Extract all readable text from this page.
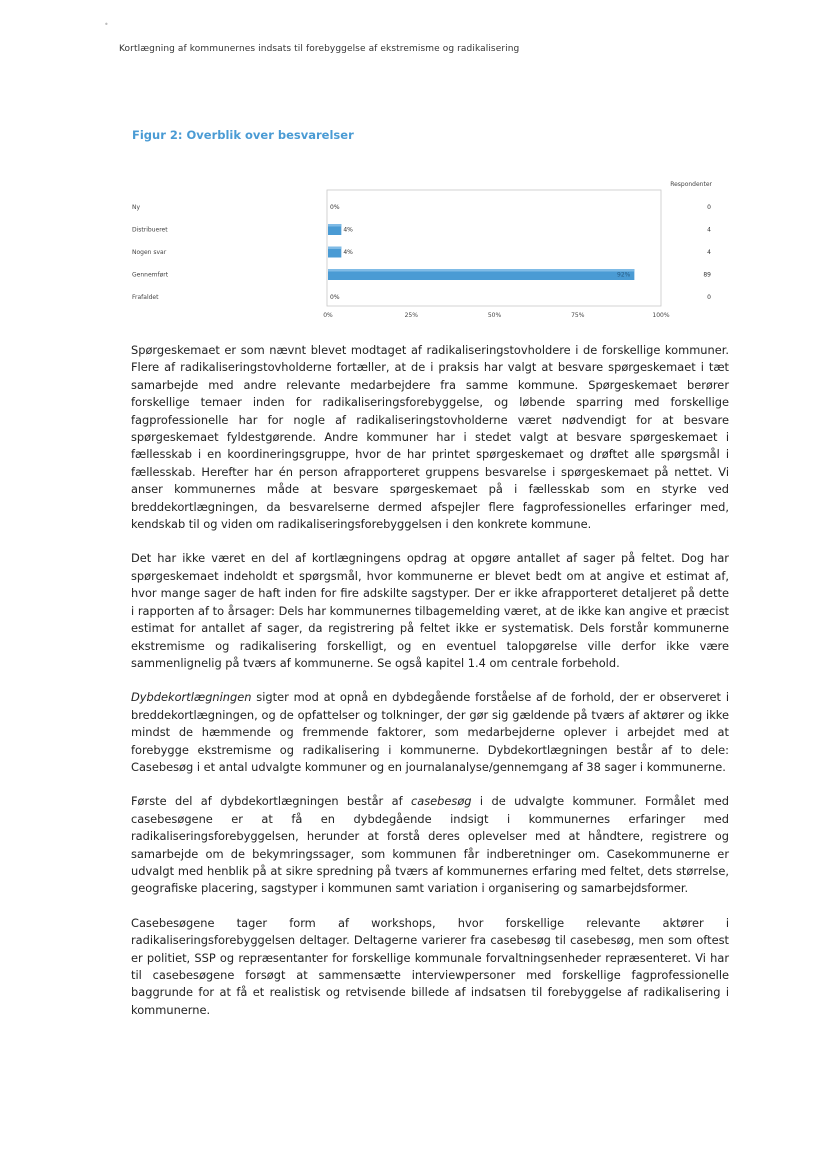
•
Kortlægning af kommunernes indsats til forebyggelse af ekstremisme og radikalisering
Figur 2: Overblik over besvarelser
Respondenter
Ny	0%	0
Distribueret	4%	4
Nogen svar	4%	4
Gennemført	92%	89
Frafaldet	0%	0
0%	25%	50%	75%	100%

Spørgeskemaet er som nævnt blevet modtaget af radikaliseringstovholdere i de forskellige kommuner. Flere af radikaliseringstovholderne fortæller, at de i praksis har valgt at besvare spørgeskemaet i tæt samarbejde med andre relevante medarbejdere fra samme kommune. Spørgeskemaet berører forskellige temaer inden for radikaliseringsforebyggelse, og løbende sparring med forskellige fagprofessionelle har for nogle af radikaliseringstovholderne været nødvendigt for at besvare spørgeskemaet fyldestgørende. Andre kommuner har i stedet valgt at besvare spørgeskemaet i fællesskab i en koordineringsgruppe, hvor de har printet spørgeskemaet og drøftet alle spørgsmål i fællesskab. Herefter har én person afrapporteret gruppens besvarelse i spørgeskemaet på nettet. Vi anser kommunernes måde at besvare spørgeskemaet på i fællesskab som en styrke ved breddekortlægningen, da besvarelserne dermed afspejler flere fagprofessionelles erfaringer med, kendskab til og viden om radikaliseringsforebyggelsen i den konkrete kommune.

Det har ikke været en del af kortlægningens opdrag at opgøre antallet af sager på feltet. Dog har spørgeskemaet indeholdt et spørgsmål, hvor kommunerne er blevet bedt om at angive et estimat af, hvor mange sager de haft inden for fire adskilte sagstyper. Der er ikke afrapporteret detaljeret på dette i rapporten af to årsager: Dels har kommunernes tilbagemelding været, at de ikke kan angive et præcist estimat for antallet af sager, da registrering på feltet ikke er systematisk. Dels forstår kommunerne ekstremisme og radikalisering forskelligt, og en eventuel talopgørelse ville derfor ikke være sammenlignelig på tværs af kommunerne. Se også kapitel 1.4 om centrale forbehold.

Dybdekortlægningen sigter mod at opnå en dybdegående forståelse af de forhold, der er observeret i breddekortlægningen, og de opfattelser og tolkninger, der gør sig gældende på tværs af aktører og ikke mindst de hæmmende og fremmende faktorer, som medarbejderne oplever i arbejdet med at forebygge ekstremisme og radikalisering i kommunerne. Dybdekortlægningen består af to dele: Casebesøg i et antal udvalgte kommuner og en journalanalyse/gennemgang af 38 sager i kommunerne.

Første del af dybdekortlægningen består af casebesøg i de udvalgte kommuner. Formålet med casebesøgene er at få en dybdegående indsigt i kommunernes erfaringer med radikaliseringsforebyggelsen, herunder at forstå deres oplevelser med at håndtere, registrere og samarbejde om de bekymringssager, som kommunen får indberetninger om. Casekommunerne er udvalgt med henblik på at sikre spredning på tværs af kommunernes erfaring med feltet, dets størrelse, geografiske placering, sagstyper i kommunen samt variation i organisering og samarbejdsformer.

Casebesøgene tager form af workshops, hvor forskellige relevante aktører i radikaliseringsforebyggelsen deltager. Deltagerne varierer fra casebesøg til casebesøg, men som oftest er politiet, SSP og repræsentanter for forskellige kommunale forvaltningsenheder repræsenteret. Vi har til casebesøgene forsøgt at sammensætte interviewpersoner med forskellige fagprofessionelle baggrunde for at få et realistisk og retvisende billede af indsatsen til forebyggelse af radikalisering i kommunerne.
